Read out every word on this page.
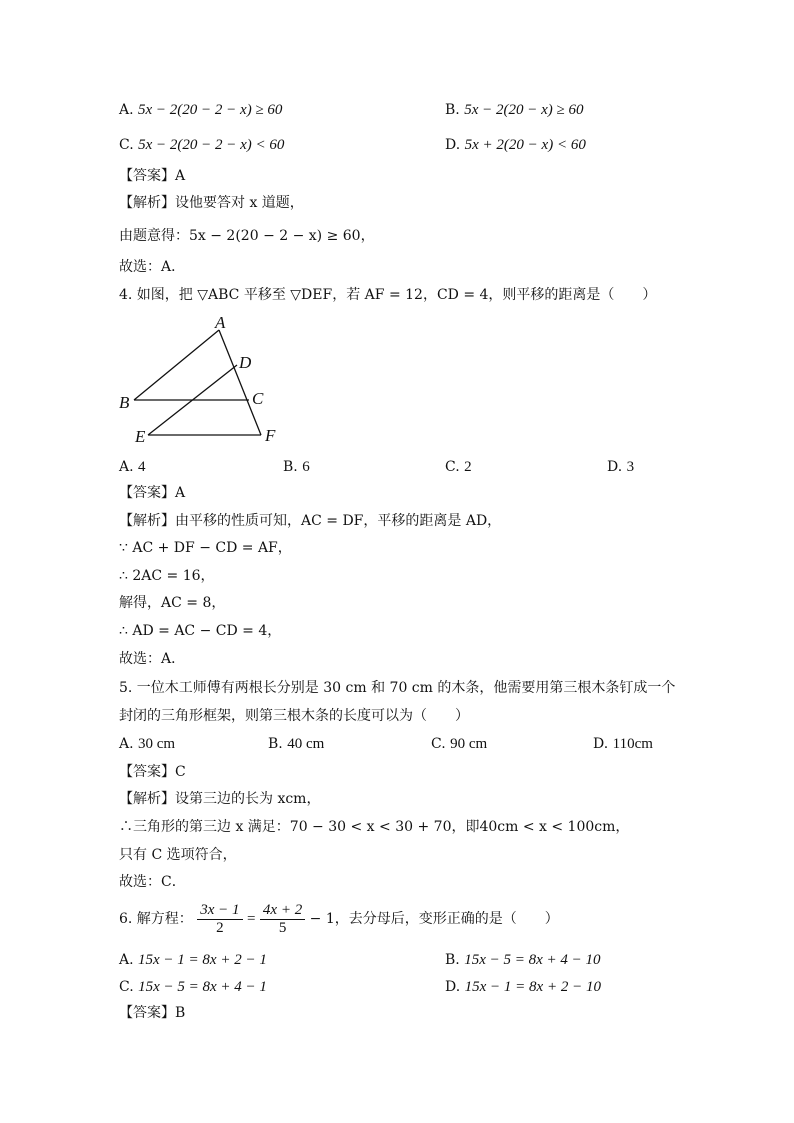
A. 5x − 2(20 − 2 − x) ≥ 60	B. 5x − 2(20 − x) ≥ 60
C. 5x − 2(20 − 2 − x) < 60	D. 5x + 2(20 − x) < 60
【答案】A
【解析】设他要答对 x 道题，
由题意得：5x − 2(20 − 2 − x) ≥ 60，
故选：A．
4. 如图，把 ▽ABC 平移至 ▽DEF，若 AF = 12，CD = 4，则平移的距离是（　　）
A
B	C
D
E	F
A. 4	B. 6	C. 2	D. 3
【答案】A
【解析】由平移的性质可知，AC = DF，平移的距离是 AD，
∵ AC + DF − CD = AF，
∴ 2AC = 16，
解得，AC = 8，
∴ AD = AC − CD = 4，
故选：A．
5. 一位木工师傅有两根长分别是 30 cm 和 70 cm 的木条，他需要用第三根木条钉成一个
封闭的三角形框架，则第三根木条的长度可以为（　　）
A. 30 cm	B. 40 cm	C. 90 cm	D. 110cm
【答案】C
【解析】设第三边的长为 xcm，
∴三角形的第三边 x 满足：70 − 30 < x < 30 + 70，即40cm < x < 100cm，
只有 C 选项符合，
故选：C．
6. 解方程： $\frac{3x - 1}{2} = \frac{4x + 2}{5} - 1$，去分母后，变形正确的是（　　）
A. 15x − 1 = 8x + 2 − 1	B. 15x − 5 = 8x + 4 − 10
C. 15x − 5 = 8x + 4 − 1	D. 15x − 1 = 8x + 2 − 10
【答案】B
